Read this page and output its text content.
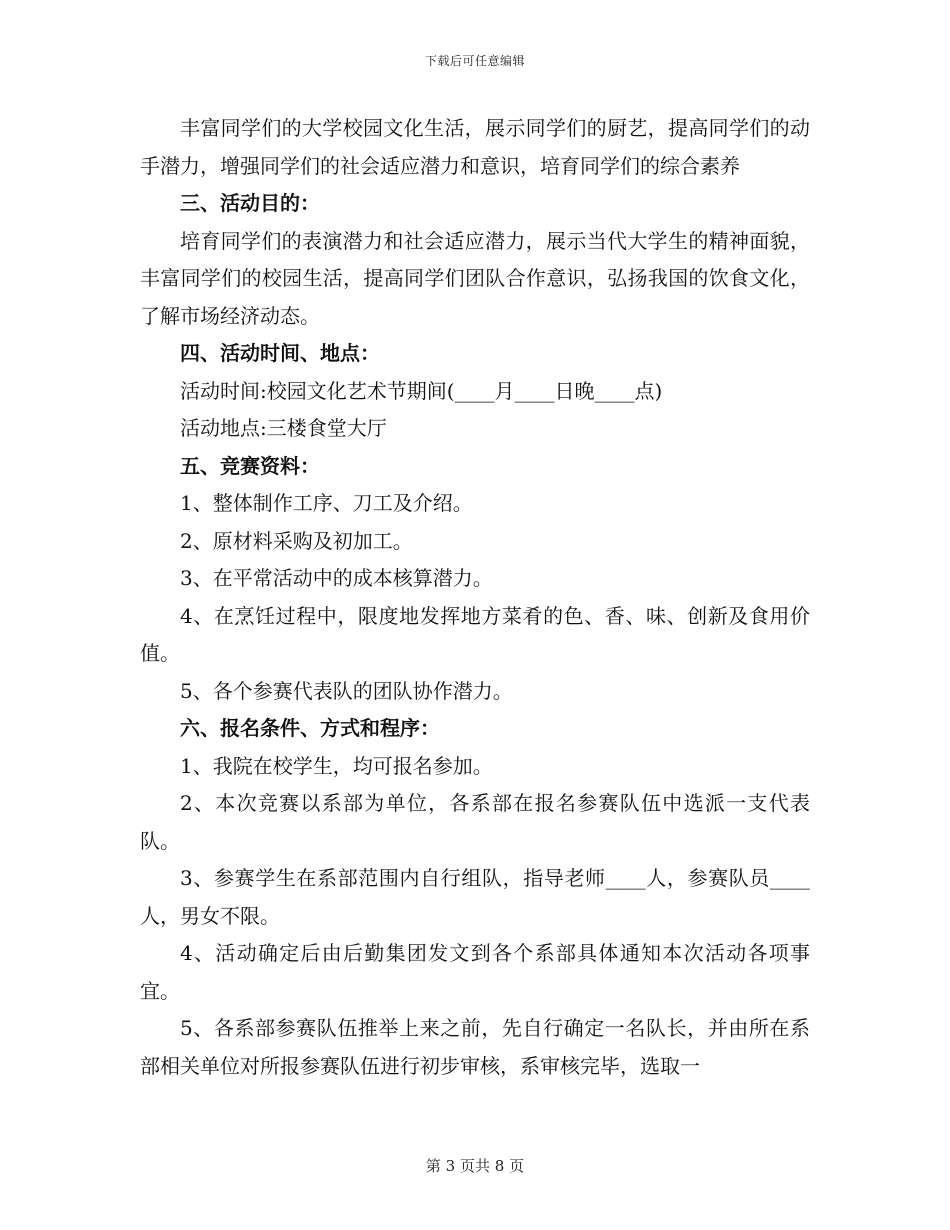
下载后可任意编辑

丰富同学们的大学校园文化生活，展示同学们的厨艺，提高同学们的动手潜力，增强同学们的社会适应潜力和意识，培育同学们的综合素养

三、活动目的：

培育同学们的表演潜力和社会适应潜力，展示当代大学生的精神面貌，丰富同学们的校园生活，提高同学们团队合作意识，弘扬我国的饮食文化，了解市场经济动态。

四、活动时间、地点：

活动时间:校园文化艺术节期间(____月____日晚____点)

活动地点:三楼食堂大厅

五、竞赛资料：

1、整体制作工序、刀工及介绍。

2、原材料采购及初加工。

3、在平常活动中的成本核算潜力。

4、在烹饪过程中，限度地发挥地方菜肴的色、香、味、创新及食用价值。

5、各个参赛代表队的团队协作潜力。

六、报名条件、方式和程序：

1、我院在校学生，均可报名参加。

2、本次竞赛以系部为单位，各系部在报名参赛队伍中选派一支代表队。

3、参赛学生在系部范围内自行组队，指导老师____人，参赛队员____人，男女不限。

4、活动确定后由后勤集团发文到各个系部具体通知本次活动各项事宜。

5、各系部参赛队伍推举上来之前，先自行确定一名队长，并由所在系部相关单位对所报参赛队伍进行初步审核，系审核完毕，选取一

第 3 页共 8 页
